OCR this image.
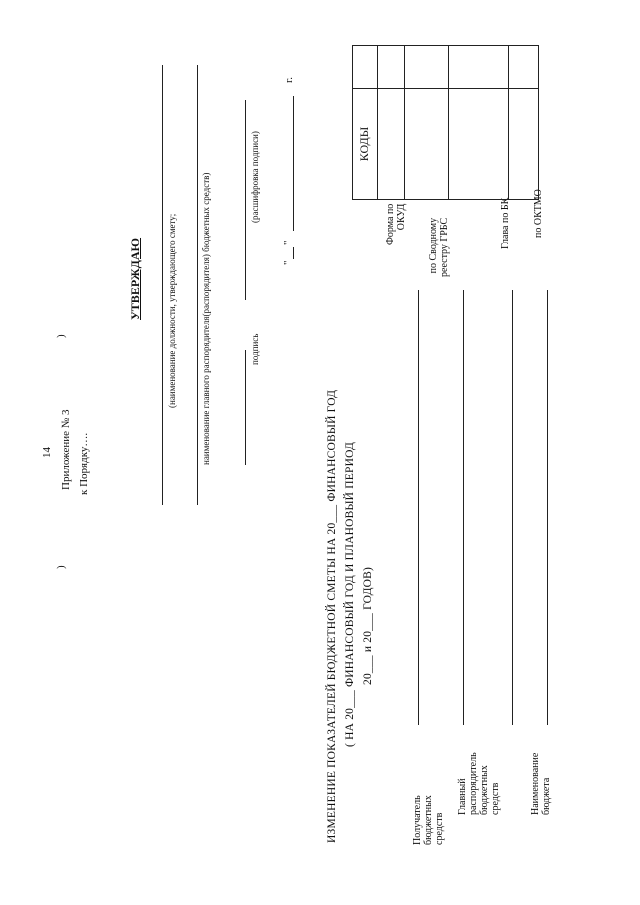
14 Приложение № 3 к Порядку….
)
)
УТВЕРЖДАЮ	(наименование должности, утверждающего смету;	наименование главного распорядителя(распорядителя) бюджетных средств)	подпись
(расшифровка подписи)
"
"
г.
ИЗМЕНЕНИЕ ПОКАЗАТЕЛЕЙ БЮДЖЕТНОЙ СМЕТЫ НА 20___ ФИНАНСОВЫЙ ГОД ( НА 20___ ФИНАНСОВЫЙ ГОД И ПЛАНОВЫЙ ПЕРИОД 20___ и 20___ ГОДОВ)
Получатель бюджетных средств
Главный распорядитель бюджетных средств	Наименование бюджета
Форма по ОКУД
по Сводному реестру ГРБС	Глава по БК по ОКТМО
КОДЫ
